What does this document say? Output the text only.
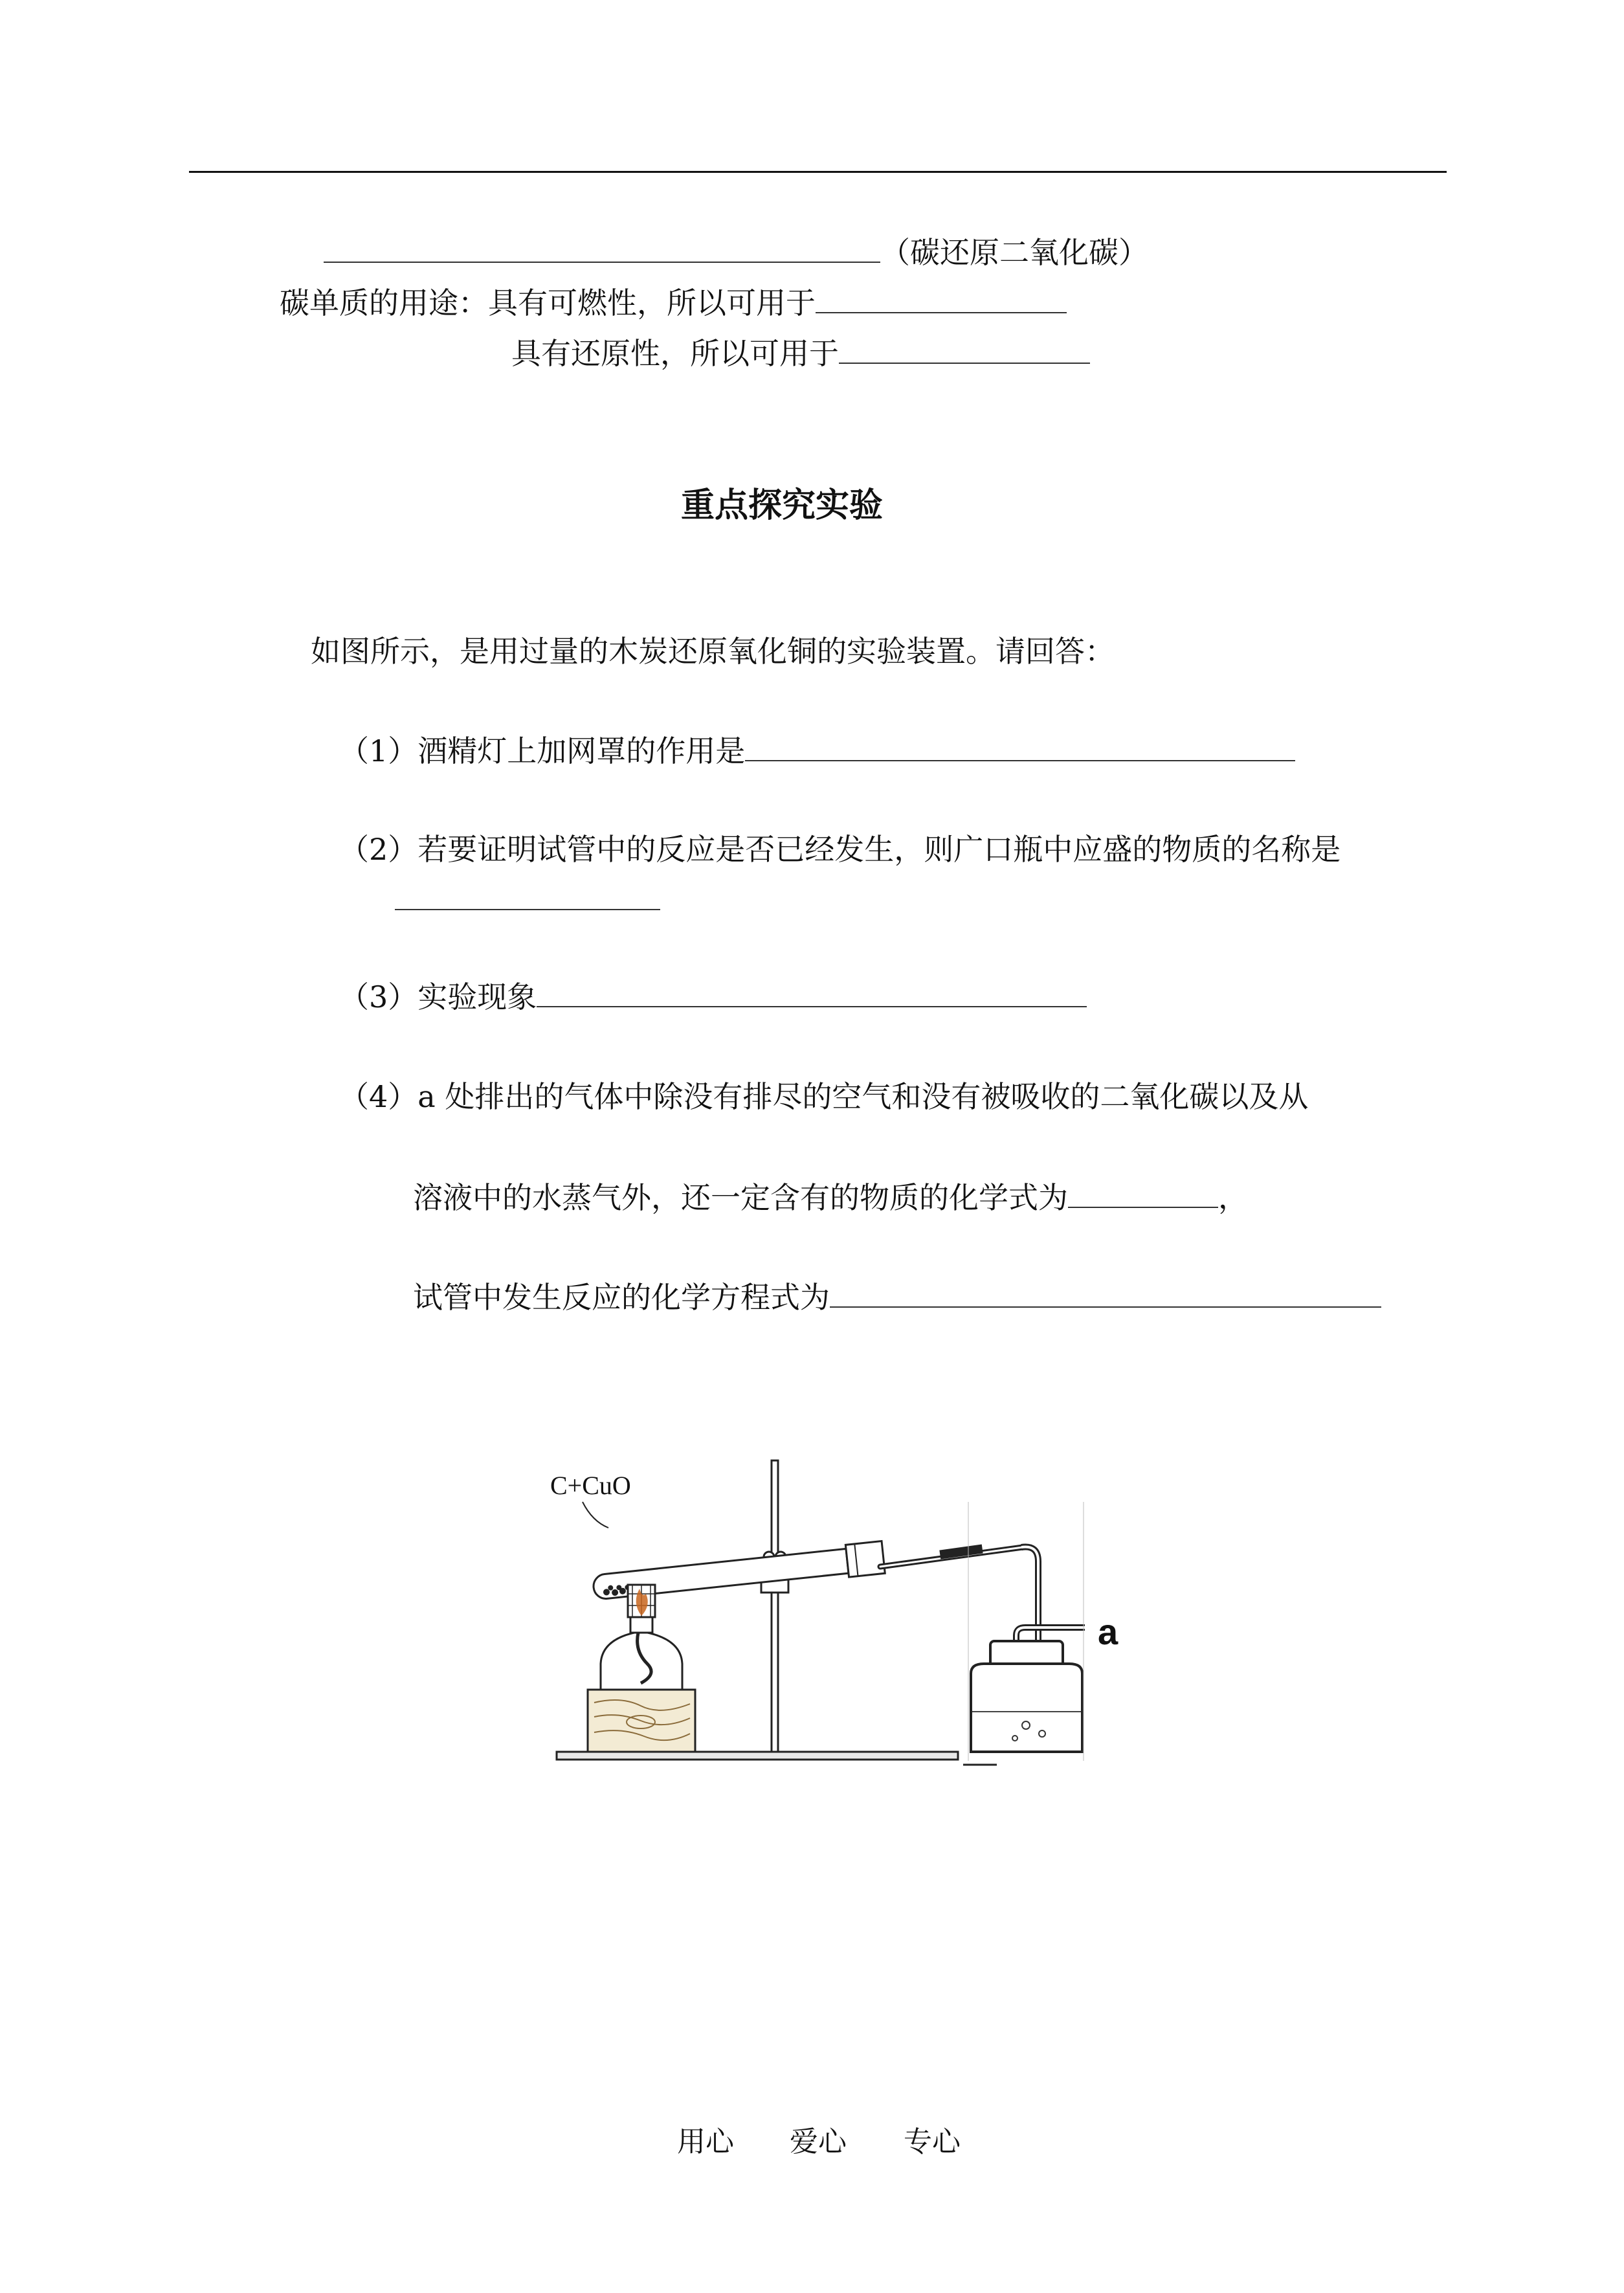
（碳还原二氧化碳）
碳单质的用途：具有可燃性，所以可用于
具有还原性，所以可用于
重点探究实验
如图所示，是用过量的木炭还原氧化铜的实验装置。请回答：
（1）酒精灯上加网罩的作用是
（2）若要证明试管中的反应是否已经发生，则广口瓶中应盛的物质的名称是
（3）实验现象
（4）a 处排出的气体中除没有排尽的空气和没有被吸收的二氧化碳以及从
溶液中的水蒸气外，还一定含有的物质的化学式为	，
试管中发生反应的化学方程式为
a
C+CuO
用心 爱心 专心
